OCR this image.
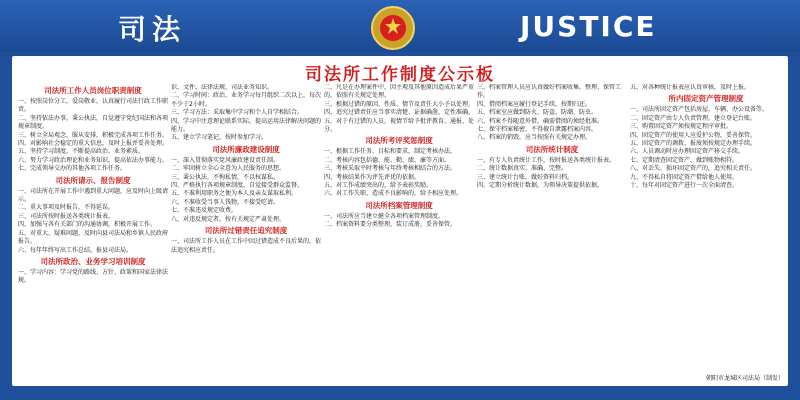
司法	JUSTICE
司法所工作制度公示板
司法所工作人员岗位职责制度

一、按照岗位分工，爱岗敬业，认真履行司法行政工作职责。

二、坚持依法办事，秉公执法，自觉遵守党纪国法和各项规章制度。

三、树立全局观念，服从安排，积极完成各项工作任务。

四、对影响社会稳定的重大信息，及时上报并妥善处理。

五、坚持学习制度，不断提高政治、业务素质。

六、努力学习政治理论和业务知识，提高依法办事能力。

七、完成领导交办的其他各项工作任务。

司法所请示、报告制度

一、司法所在开展工作中遇到重大问题，应及时向上级请示。

二、重大事项及时报告，不得延误。

三、司法所按时报送各类统计报表。

四、加强与各有关部门的沟通协调，积极开展工作。

五、对重大、疑难问题，及时向县司法局和乡镇人民政府报告。

六、每年年终写出工作总结，报县司法局。

司法所政治、业务学习培训制度

一、学习内容：学习党的路线、方针、政策和国家法律法规。

识、文件、法律法规、司法业务知识。

二、学习时间：政治、业务学习每月组织二次以上，每次不少于2小时。

三、学习方法：采取集中学习和个人自学相结合。

四、学习中注意理论联系实际，提高运用法律解决问题的能力。

五、建立学习笔记，按时参加学习。

司法所廉政建设制度

一、深入贯彻落实党风廉政建设责任制。

二、牢固树立全心全意为人民服务的思想。

三、秉公执法，不徇私情，不以权谋私。

四、严格执行各项规章制度，自觉接受群众监督。

五、不准利用职务之便为本人及亲友谋取私利。

六、不准收受当事人钱物，不接受吃请。

七、不准违反规定收费。

八、对违反规定者，按有关规定严肃处理。

司法所过错责任追究制度

一、司法所工作人员在工作中因过错造成不良后果的，依法追究相应责任。

二、凡是在办理案件中，因主观及其他原因造成后果严重的，依照有关规定处理。

三、根据过错的原因、性质、情节及责任大小予以处理。

四、追究过错责任应当事实清楚、证据确凿、定性准确。

五、对于有过错的人员，视情节给予批评教育、通报、处分。

司法所考评奖惩制度

一、根据工作任务、目标和要求，制定考核办法。

二、考核内容包括德、能、勤、绩、廉等方面。

三、考核采取平时考核与年终考核相结合的方法。

四、考核结果作为评先评优的依据。

五、对工作成绩突出的，给予表彰奖励。

六、对工作失职、造成不良影响的，给予相应处理。

司法所档案管理制度

一、司法所应当建立健全各项档案管理制度。

二、档案资料要分类整理，装订成册，妥善保管。

三、档案管理人员应认真做好档案收集、整理、保管工作。

四、借阅档案应履行登记手续，按期归还。

五、档案室应做到防火、防盗、防潮、防虫。

六、档案不得随意外借，确需借阅的须经批准。

七、保守档案秘密，不得擅自泄露档案内容。

八、档案的销毁，应当按照有关规定办理。

司法所统计制度

一、有专人负责统计工作，按时报送各类统计报表。

二、统计数据真实、准确、完整。

三、建立统计台账，做好资料归档。

四、定期分析统计数据，为领导决策提供依据。

五、对各种统计报表应认真审核，及时上报。

所内固定资产管理制度

一、司法所固定资产包括房屋、车辆、办公设备等。

二、固定资产由专人负责管理，建立登记台账。

三、购置固定资产须按规定程序审批。

四、固定资产的使用人应爱护公物，妥善保管。

五、固定资产的调拨、报废须按规定办理手续。

六、人员调动时应办理固定资产移交手续。

七、定期清查固定资产，做到账物相符。

八、对丢失、损坏固定资产的，追究相关责任。

九、不得私自将固定资产借给他人使用。

十、每年对固定资产进行一次全面清查。

朝阳市龙城区司法局（制发）
